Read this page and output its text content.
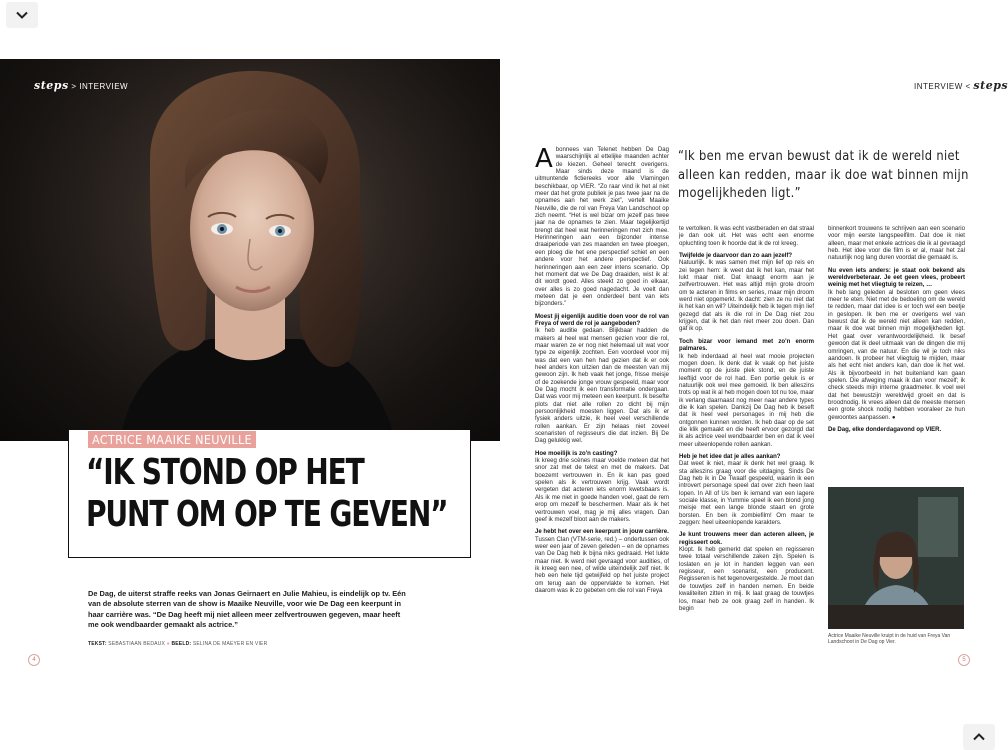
steps > INTERVIEW
ACTRICE MAAIKE NEUVILLE
“IK STOND OP HET
PUNT OM OP TE GEVEN”
De Dag, de uiterst straffe reeks van Jonas Geirnaert en Julie Mahieu, is eindelijk op tv. Eén van de absolute sterren van de show is Maaike Neuville, voor wie De Dag een keerpunt in haar carrière was. “De Dag heeft mij niet alleen meer zelfvertrouwen gegeven, maar heeft me ook wendbaarder gemaakt als actrice.”
TEKST: SEBASTIAAN BEDAUX ● BEELD: SELINA DE MAEYER EN VIER
4
INTERVIEW < steps
5

Abonnees van Telenet hebben De Dag waarschijnlijk al ettelijke maanden achter de kiezen. Geheel terecht overigens. Maar sinds deze maand is de uitmuntende fictiereeks voor alle Vlamingen beschikbaar, op VIER. “Zo raar vind ik het al niet meer dat het grote publiek je pas twee jaar na de opnames aan het werk ziet”, vertelt Maaike Neuville, die de rol van Freya Van Landschoot op zich neemt. “Het is wel bizar om jezelf pas twee jaar na de opnames te zien. Maar tegelijkertijd brengt dat heel wat herinneringen met zich mee. Herinneringen aan een bijzonder intense draaiperiode van zes maanden en twee ploegen, een ploeg die het ene perspectief schiet en een andere voor het andere perspectief. Ook herinneringen aan een zeer intens scenario. Op het moment dat we De Dag draaiden, wist ik al: dit wordt goed. Alles steekt zo goed in elkaar, over alles is zo goed nagedacht. Je voelt dan meteen dat je een onderdeel bent van iets bijzonders.”

Moest jij eigenlijk auditie doen voor de rol van Freya of werd de rol je aangeboden?

Ik heb auditie gedaan. Blijkbaar hadden de makers al heel wat mensen gezien voor die rol, maar waren ze er nog niet helemaal uit wat voor type ze eigenlijk zochten. Een voordeel voor mij was dat een van hen had gezien dat ik er ook heel anders kon uitzien dan de meesten van mij gewoon zijn. Ik heb vaak het jonge, frisse meisje of de zoekende jonge vrouw gespeeld, maar voor De Dag mocht ik een transformatie ondergaan. Dat was voor mij meteen een keerpunt. Ik besefte plots dat niet alle rollen zo dicht bij mijn persoonlijkheid moesten liggen. Dat als ik er fysiek anders uitzie, ik heel veel verschillende rollen aankan. Er zijn helaas niet zoveel scenaristen of regisseurs die dat inzien. Bij De Dag gelukkig wel.

Hoe moeilijk is zo'n casting?

Ik kreeg drie scènes maar voelde meteen dat het snor zat met de tekst en met de makers. Dat boezemt vertrouwen in. En ik kan pas goed spelen als ik vertrouwen krijg. Vaak wordt vergeten dat acteren iets enorm kwetsbaars is. Als ik me niet in goede handen voel, gaat de rem erop om mezelf te beschermen. Maar als ik het vertrouwen voel, mag je mij alles vragen. Dan geef ik mezelf bloot aan de makers.

Je hebt het over een keerpunt in jouw carrière.

Tussen Clan (VTM-serie, red.) – ondertussen ook weer een jaar of zeven geleden – en de opnames van De Dag heb ik bijna niks gedraaid. Het lukte maar niet. Ik werd niet gevraagd voor audities, of ik kreeg een nee, of wilde uiteindelijk zelf niet. Ik heb een hele tijd getwijfeld op het juiste project om terug aan de oppervlakte te komen. Het daarom was ik zo gebeten om die rol van Freya

“Ik ben me ervan bewust dat ik de wereld niet alleen kan redden, maar ik doe wat binnen mijn mogelijkheden ligt.”

te vertolken. Ik was echt vastberaden en dat straal je dan ook uit. Het was echt een enorme opluchting toen ik hoorde dat ik de rol kreeg.

Twijfelde je daarvoor dan zo aan jezelf?

Natuurlijk. Ik was samen met mijn lief op reis en zei tegen hem: ik weet dat ik het kan, maar het lukt maar niet. Dat knaagt enorm aan je zelfvertrouwen. Het was altijd mijn grote droom om te acteren in films en series, maar mijn droom werd niet opgemerkt. Ik dacht: zien ze nu niet dat ik het kan en wil? Uiteindelijk heb ik tegen mijn lief gezegd dat als ik die rol in De Dag niet zou krijgen, dat ik het dan niet meer zou doen. Dan gaf ik op.

Toch bizar voor iemand met zo'n enorm palmares.

Ik heb inderdaad al heel wat mooie projecten mogen doen. Ik denk dat ik vaak op het juiste moment op de juiste plek stond, en de juiste leeftijd voor de rol had. Een portie geluk is er natuurlijk ook wel mee gemoeid. Ik ben alleszins trots op wat ik al heb mogen doen tot nu toe, maar ik verlang daarnaast nog meer naar andere types die ik kan spelen. Dankzij De Dag heb ik beseft dat ik heel veel personages in mij heb die ontgonnen kunnen worden. Ik heb daar op de set die klik gemaakt en die heeft ervoor gezorgd dat ik als actrice veel wendbaarder ben en dat ik veel meer uiteenlopende rollen aankan.

Heb je het idee dat je alles aankan?

Dat weet ik niet, maar ik denk het wel graag. Ik sta alleszins graag voor die uitdaging. Sinds De Dag heb ik in De Twaalf gespeeld, waarin ik een introvert personage speel dat over zich heen laat lopen. In All of Us ben ik iemand van een lagere sociale klasse, in Yummie speel ik een blond jong meisje met een lange blonde staart en grote borsten. En ben ik zombiefilm! Om maar te zeggen: heel uiteenlopende karakters.

Je kunt trouwens meer dan acteren alleen, je regisseert ook.

Klopt. Ik heb gemerkt dat spelen en regisseren twee totaal verschillende zaken zijn. Spelen is loslaten en je lot in handen leggen van een regisseur, een scenarist, een producent. Regisseren is het tegenovergestelde. Je moet dan de touwtjes zelf in handen nemen. En beide kwaliteiten zitten in mij. Ik laat graag de touwtjes los, maar heb ze ook graag zelf in handen. Ik begin

binnenkort trouwens te schrijven aan een scenario voor mijn eerste langspeelfilm. Dat doe ik niet alleen, maar met enkele actrices die ik al gevraagd heb. Het idee voor die film is er al, maar het zal natuurlijk nog lang duren voordat die gemaakt is.

Nu even iets anders: je staat ook bekend als wereldverbeteraar. Je eet geen vlees, probeert weinig met het vliegtuig te reizen, …

Ik heb lang geleden al besloten om geen vlees meer te eten. Niet met de bedoeling om de wereld te redden, maar dat idee is er toch wel een beetje in geslopen. Ik ben me er overigens wel van bewust dat ik de wereld niet alleen kan redden, maar ik doe wat binnen mijn mogelijkheden ligt. Het gaat over verantwoordelijkheid. Ik besef gewoon dat ik deel uitmaak van de dingen die mij omringen, van de natuur. En die wil je toch niks aandoen. Ik probeer het vliegtuig te mijden, maar als het echt niet anders kan, dan doe ik het wel. Als ik bijvoorbeeld in het buitenland kan gaan spelen. Die afweging maak ik dan voor mezelf; ik check steeds mijn interne graadmeter. Ik voel wel dat het bewustzijn wereldwijd groeit en dat is broodnodig. Ik vrees alleen dat de meeste mensen een grote shock nodig hebben vooraleer ze hun gewoontes aanpassen. ●

De Dag, elke donderdagavond op VIER.

Actrice Maaike Neuville kruipt in de huid van Freya Van Landschoot in De Dag op Vier.
